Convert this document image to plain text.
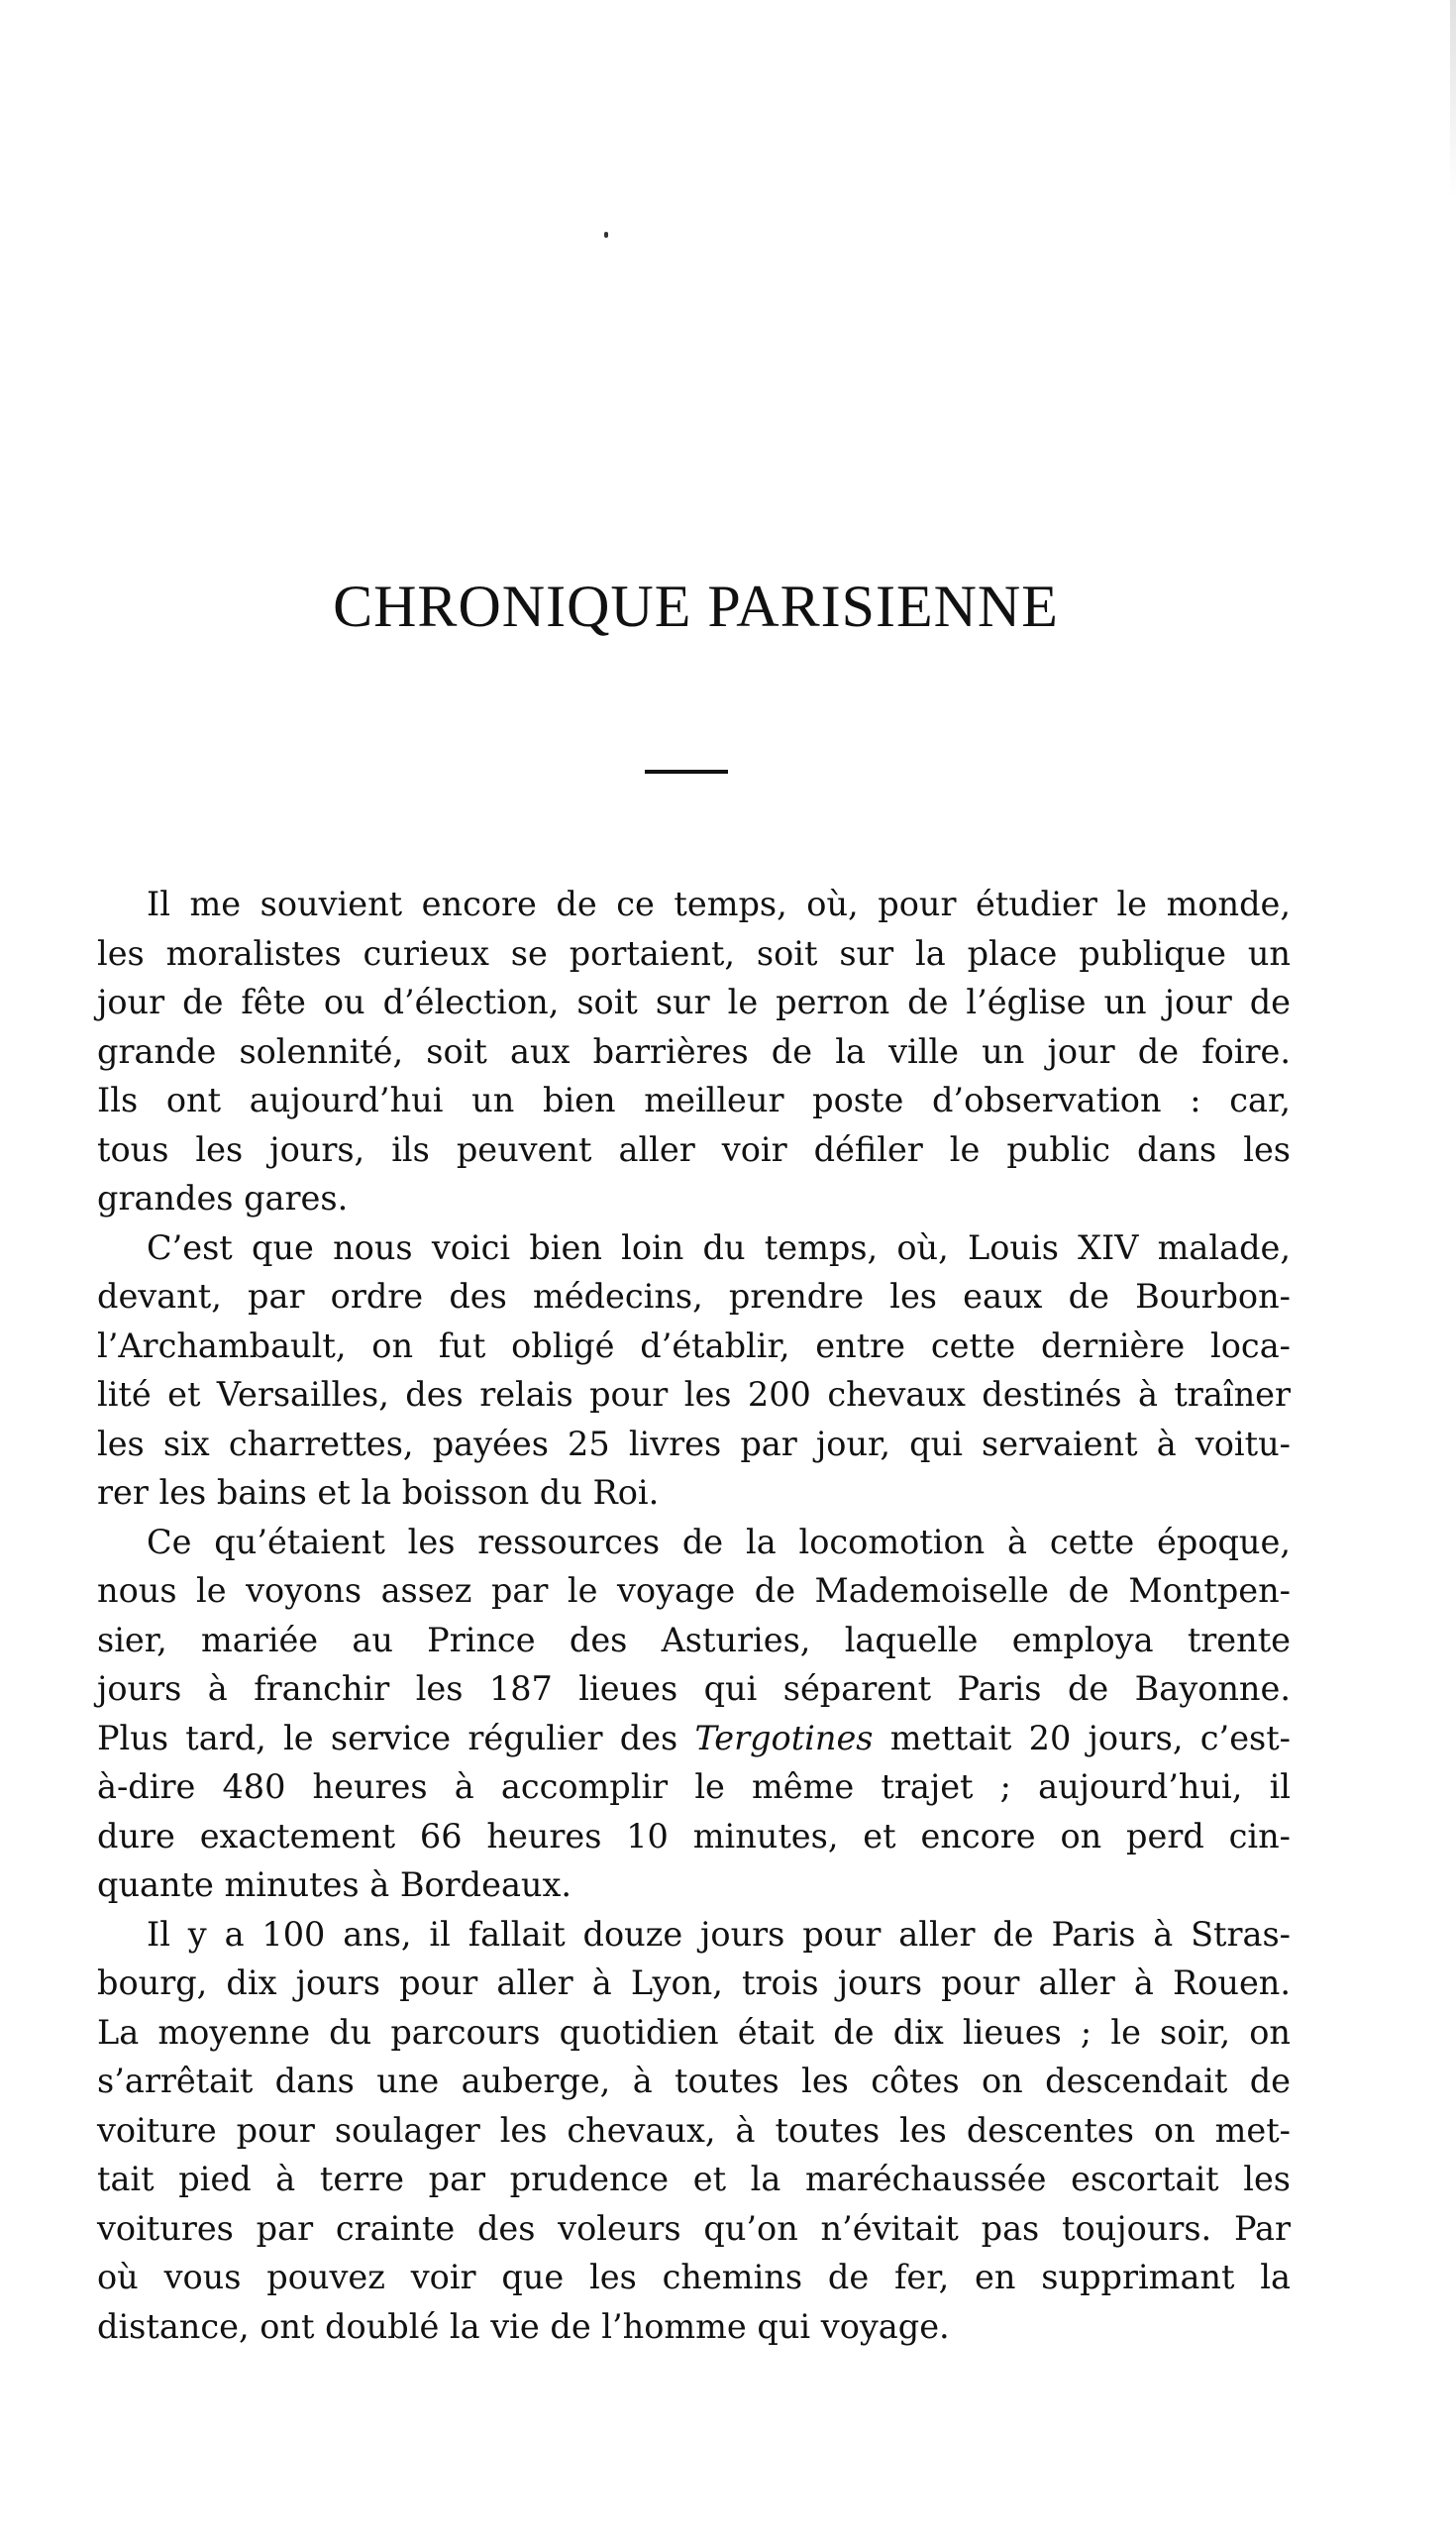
CHRONIQUE PARISIENNE

Il me souvient encore de ce temps, où, pour étudier le monde,
les moralistes curieux se portaient, soit sur la place publique un
jour de fête ou d’élection, soit sur le perron de l’église un jour de
grande solennité, soit aux barrières de la ville un jour de foire.
Ils ont aujourd’hui un bien meilleur poste d’observation : car,
tous les jours, ils peuvent aller voir défiler le public dans les
grandes gares.

C’est que nous voici bien loin du temps, où, Louis XIV malade,
devant, par ordre des médecins, prendre les eaux de Bourbon-
l’Archambault, on fut obligé d’établir, entre cette dernière loca-
lité et Versailles, des relais pour les 200 chevaux destinés à traîner
les six charrettes, payées 25 livres par jour, qui servaient à voitu-
rer les bains et la boisson du Roi.

Ce qu’étaient les ressources de la locomotion à cette époque,
nous le voyons assez par le voyage de Mademoiselle de Montpen-
sier, mariée au Prince des Asturies, laquelle employa trente
jours à franchir les 187 lieues qui séparent Paris de Bayonne.
Plus tard, le service régulier des Tergotines mettait 20 jours, c’est-
à-dire 480 heures à accomplir le même trajet ; aujourd’hui, il
dure exactement 66 heures 10 minutes, et encore on perd cin-
quante minutes à Bordeaux.

Il y a 100 ans, il fallait douze jours pour aller de Paris à Stras-
bourg, dix jours pour aller à Lyon, trois jours pour aller à Rouen.
La moyenne du parcours quotidien était de dix lieues ; le soir, on
s’arrêtait dans une auberge, à toutes les côtes on descendait de
voiture pour soulager les chevaux, à toutes les descentes on met-
tait pied à terre par prudence et la maréchaussée escortait les
voitures par crainte des voleurs qu’on n’évitait pas toujours. Par
où vous pouvez voir que les chemins de fer, en supprimant la
distance, ont doublé la vie de l’homme qui voyage.
